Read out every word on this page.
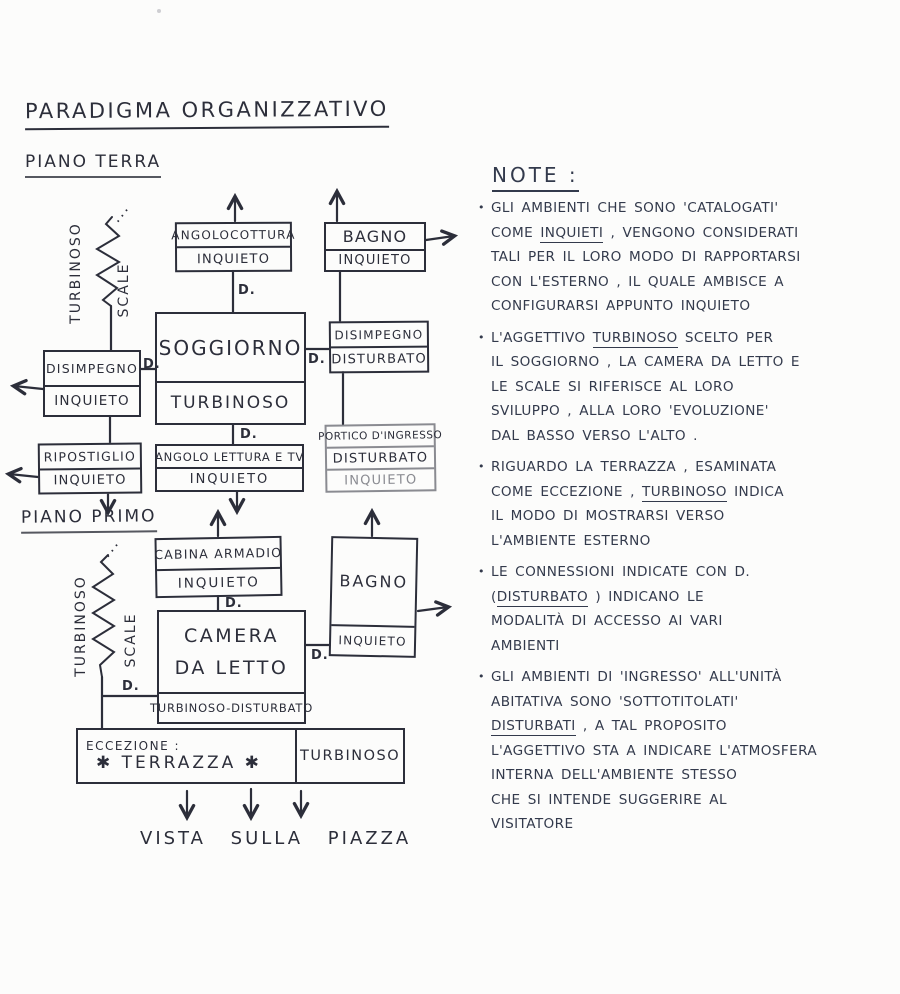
PARADIGMA ORGANIZZATIVO
PIANO TERRA
PIANO PRIMO
ANGOLOCOTTURA
INQUIETO
BAGNO
INQUIETO
SOGGIORNO
TURBINOSO
DISIMPEGNO
DISTURBATO
PORTICO D'INGRESSO
DISTURBATO
INQUIETO
DISIMPEGNO
INQUIETO
RIPOSTIGLIO
INQUIETO
ANGOLO LETTURA E TV
INQUIETO
CABINA ARMADIO
INQUIETO
CAMERA DA LETTO
TURBINOSO-DISTURBATO
BAGNO
INQUIETO
ECCEZIONE :
✱ TERRAZZA ✱	TURBINOSO
TURBINOSO SCALE
···
TURBINOSO SCALE
···
D.
D.
D.
D.
D.
D.
D.
VISTA SULLA PIAZZA
NOTE :
• GLI AMBIENTI CHE SONO 'CATALOGATI'
COME INQUIETI , VENGONO CONSIDERATI
TALI PER IL LORO MODO DI RAPPORTARSI
CON L'ESTERNO , IL QUALE AMBISCE A
CONFIGURARSI APPUNTO INQUIETO
• L'AGGETTIVO TURBINOSO SCELTO PER
IL SOGGIORNO , LA CAMERA DA LETTO E
LE SCALE SI RIFERISCE AL LORO
SVILUPPO , ALLA LORO 'EVOLUZIONE'
DAL BASSO VERSO L'ALTO .
• RIGUARDO LA TERRAZZA , ESAMINATA
COME ECCEZIONE , TURBINOSO INDICA
IL MODO DI MOSTRARSI VERSO
L'AMBIENTE ESTERNO
• LE CONNESSIONI INDICATE CON D.
(DISTURBATO ) INDICANO LE
MODALITÀ DI ACCESSO AI VARI
AMBIENTI
• GLI AMBIENTI DI 'INGRESSO' ALL'UNITÀ
ABITATIVA SONO 'SOTTOTITOLATI'
DISTURBATI , A TAL PROPOSITO
L'AGGETTIVO STA A INDICARE L'ATMOSFERA
INTERNA DELL'AMBIENTE STESSO
CHE SI INTENDE SUGGERIRE AL
VISITATORE
